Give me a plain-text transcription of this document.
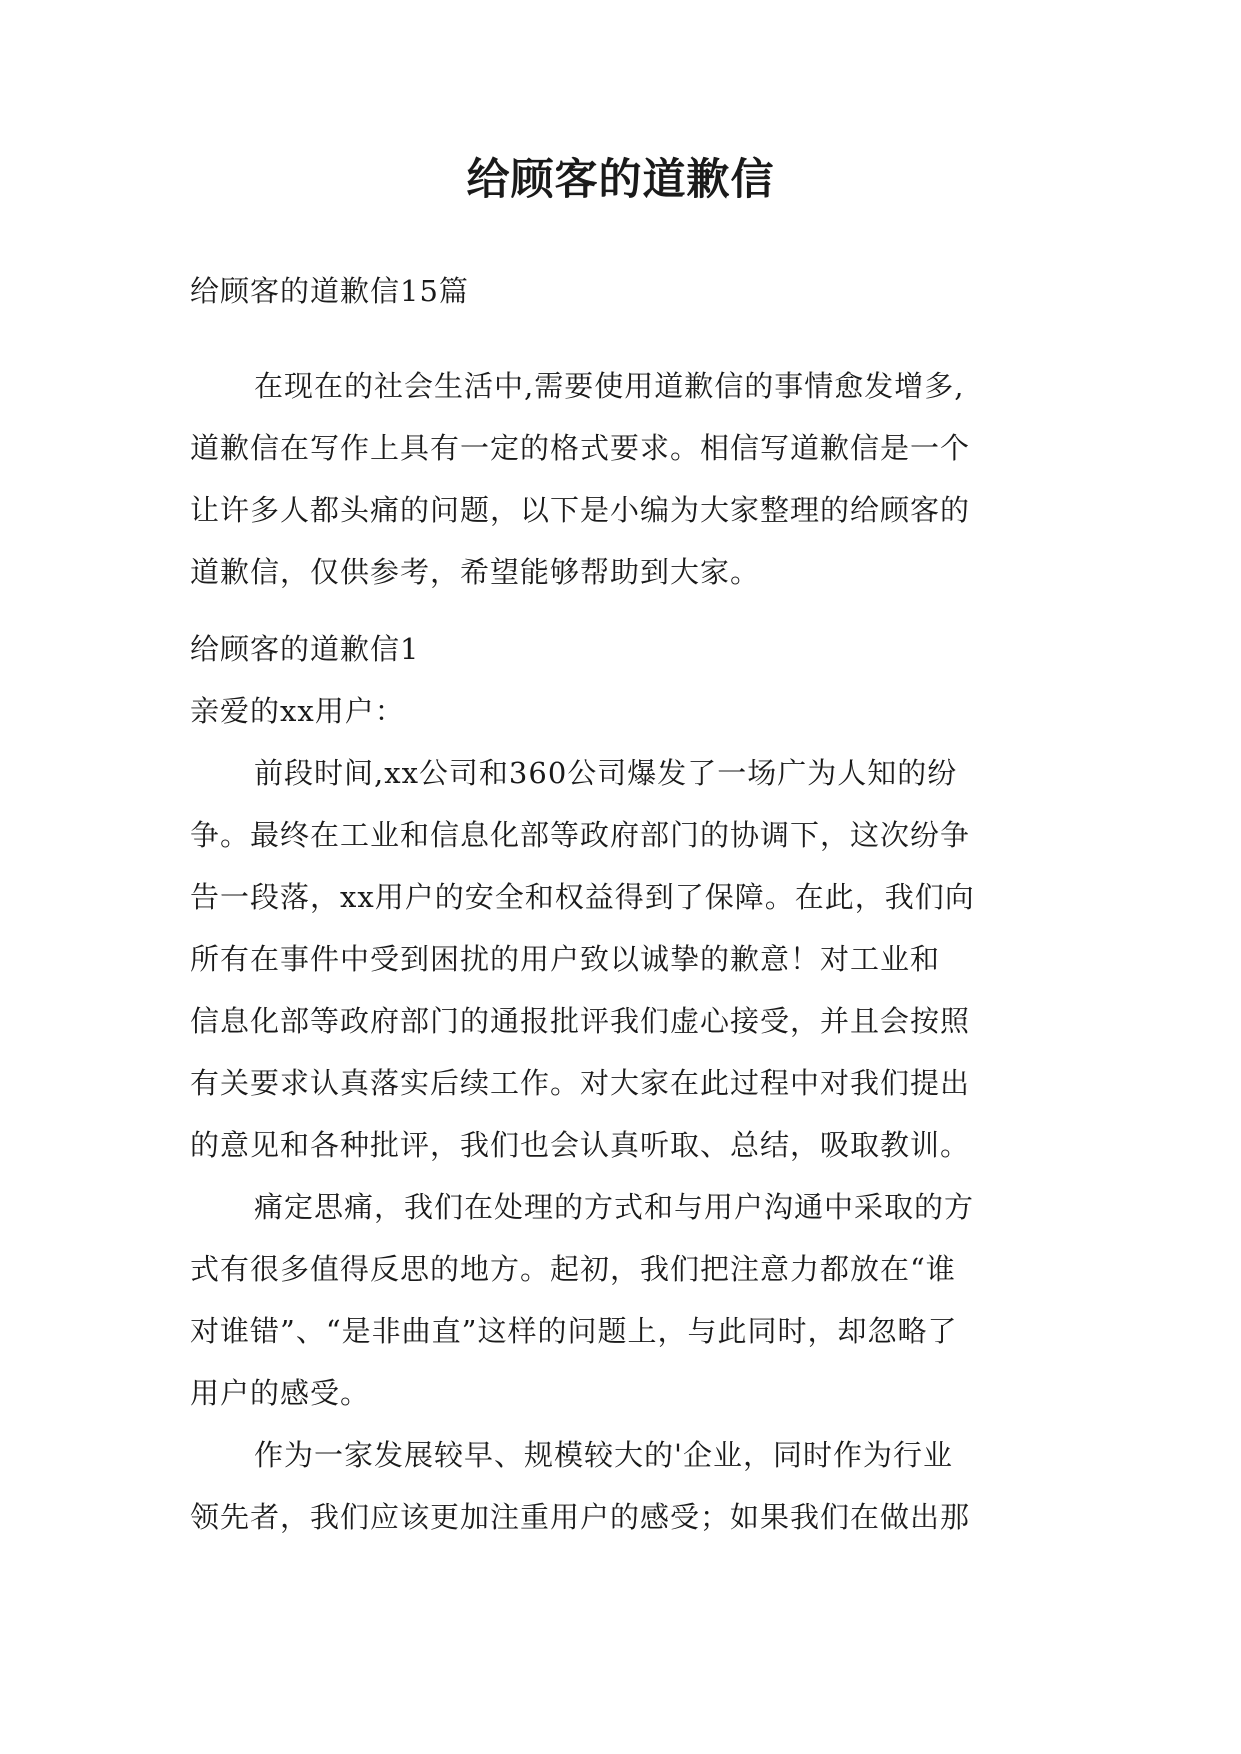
给顾客的道歉信
给顾客的道歉信15篇
在现在的社会生活中,需要使用道歉信的事情愈发增多,
道歉信在写作上具有一定的格式要求。相信写道歉信是一个
让许多人都头痛的问题，以下是小编为大家整理的给顾客的
道歉信，仅供参考，希望能够帮助到大家。
给顾客的道歉信1
亲爱的xx用户：
前段时间,xx公司和360公司爆发了一场广为人知的纷
争。最终在工业和信息化部等政府部门的协调下，这次纷争
告一段落，xx用户的安全和权益得到了保障。在此，我们向
所有在事件中受到困扰的用户致以诚挚的歉意！对工业和
信息化部等政府部门的通报批评我们虚心接受，并且会按照
有关要求认真落实后续工作。对大家在此过程中对我们提出
的意见和各种批评，我们也会认真听取、总结，吸取教训。
痛定思痛，我们在处理的方式和与用户沟通中采取的方
式有很多值得反思的地方。起初，我们把注意力都放在“谁
对谁错”、“是非曲直”这样的问题上，与此同时，却忽略了
用户的感受。
作为一家发展较早、规模较大的'企业，同时作为行业
领先者，我们应该更加注重用户的感受；如果我们在做出那
